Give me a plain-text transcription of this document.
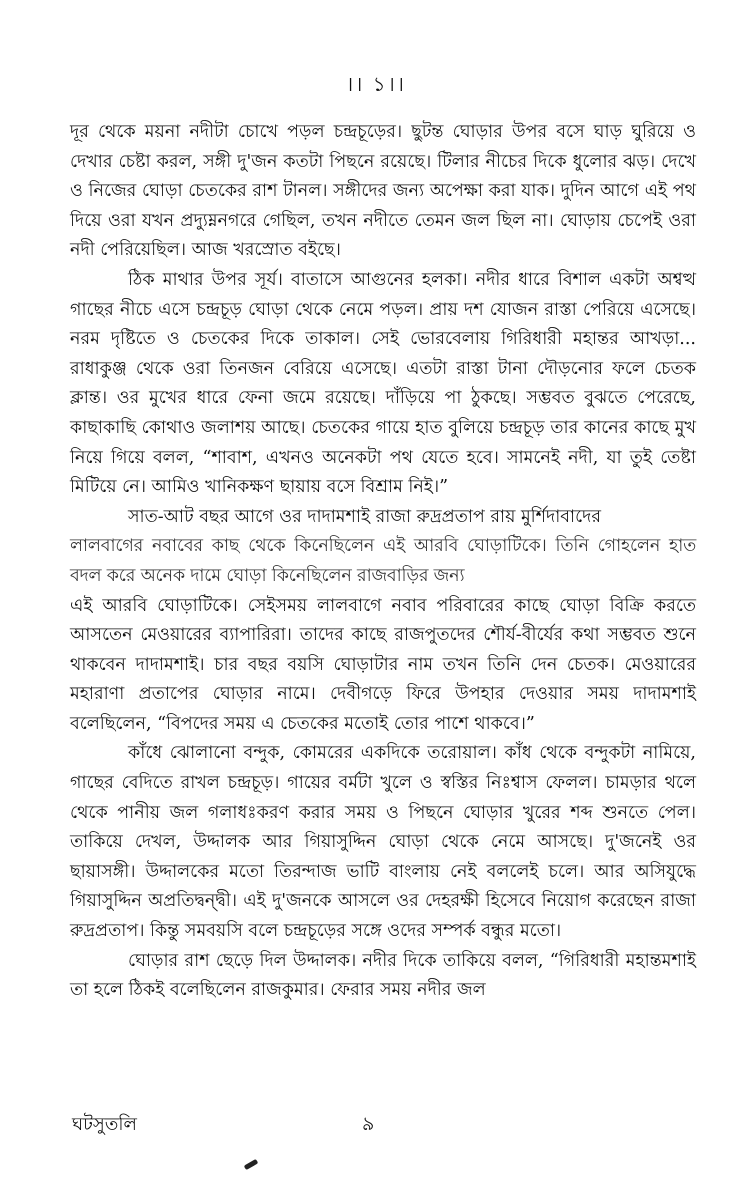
।। ১।।

দূর থেকে ময়না নদীটা চোখে পড়ল চন্দ্রচূড়ের। ছুটন্ত ঘোড়ার উপর বসে ঘাড় ঘুরিয়ে ও দেখার চেষ্টা করল, সঙ্গী দু'জন কতটা পিছনে রয়েছে। টিলার নীচের দিকে ধুলোর ঝড়। দেখে ও নিজের ঘোড়া চেতকের রাশ টানল। সঙ্গীদের জন্য অপেক্ষা করা যাক। দুদিন আগে এই পথ দিয়ে ওরা যখন প্রদ্যুম্ননগরে গেছিল, তখন নদীতে তেমন জল ছিল না। ঘোড়ায় চেপেই ওরা নদী পেরিয়েছিল। আজ খরস্রোত বইছে।

ঠিক মাথার উপর সূর্য। বাতাসে আগুনের হলকা। নদীর ধারে বিশাল একটা অশ্বত্থ গাছের নীচে এসে চন্দ্রচূড় ঘোড়া থেকে নেমে পড়ল। প্রায় দশ যোজন রাস্তা পেরিয়ে এসেছে। নরম দৃষ্টিতে ও চেতকের দিকে তাকাল। সেই ভোরবেলায় গিরিধারী মহান্তর আখড়া... রাধাকুঞ্জ থেকে ওরা তিনজন বেরিয়ে এসেছে। এতটা রাস্তা টানা দৌড়নোর ফলে চেতক ক্লান্ত। ওর মুখের ধারে ফেনা জমে রয়েছে। দাঁড়িয়ে পা ঠুকছে। সম্ভবত বুঝতে পেরেছে, কাছাকাছি কোথাও জলাশয় আছে। চেতকের গায়ে হাত বুলিয়ে চন্দ্রচূড় তার কানের কাছে মুখ নিয়ে গিয়ে বলল, “শাবাশ, এখনও অনেকটা পথ যেতে হবে। সামনেই নদী, যা তুই তেষ্টা মিটিয়ে নে। আমিও খানিকক্ষণ ছায়ায় বসে বিশ্রাম নিই।”

সাত-আট বছর আগে ওর দাদামশাই রাজা রুদ্রপ্রতাপ রায় মুর্শিদাবাদের

লালবাগের নবাবের কাছ থেকে কিনেছিলেন এই আরবি ঘোড়াটিকে। তিনি গোহলেন হাত বদল করে অনেক দামে ঘোড়া কিনেছিলেন রাজবাড়ির জন্য

এই আরবি ঘোড়াটিকে। সেইসময় লালবাগে নবাব পরিবারের কাছে ঘোড়া বিক্রি করতে আসতেন মেওয়ারের ব্যাপারিরা। তাদের কাছে রাজপুতদের শৌর্য-বীর্যের কথা সম্ভবত শুনে থাকবেন দাদামশাই। চার বছর বয়সি ঘোড়াটার নাম তখন তিনি দেন চেতক। মেওয়ারের মহারাণা প্রতাপের ঘোড়ার নামে। দেবীগড়ে ফিরে উপহার দেওয়ার সময় দাদামশাই বলেছিলেন, “বিপদের সময় এ চেতকের মতোই তোর পাশে থাকবে।”

কাঁধে ঝোলানো বন্দুক, কোমরের একদিকে তরোয়াল। কাঁধ থেকে বন্দুকটা নামিয়ে, গাছের বেদিতে রাখল চন্দ্রচূড়। গায়ের বর্মটা খুলে ও স্বস্তির নিঃশ্বাস ফেলল। চামড়ার থলে থেকে পানীয় জল গলাধঃকরণ করার সময় ও পিছনে ঘোড়ার খুরের শব্দ শুনতে পেল। তাকিয়ে দেখল, উদ্দালক আর গিয়াসুদ্দিন ঘোড়া থেকে নেমে আসছে। দু'জনেই ওর ছায়াসঙ্গী। উদ্দালকের মতো তিরন্দাজ ভাটি বাংলায় নেই বললেই চলে। আর অসিযুদ্ধে গিয়াসুদ্দিন অপ্রতিদ্বন্দ্বী। এই দু'জনকে আসলে ওর দেহরক্ষী হিসেবে নিয়োগ করেছেন রাজা রুদ্রপ্রতাপ। কিন্তু সমবয়সি বলে চন্দ্রচূড়ের সঙ্গে ওদের সম্পর্ক বন্ধুর মতো।

ঘোড়ার রাশ ছেড়ে দিল উদ্দালক। নদীর দিকে তাকিয়ে বলল, “গিরিধারী মহান্তমশাই তা হলে ঠিকই বলেছিলেন রাজকুমার। ফেরার সময় নদীর জল

ঘটসুতলি	৯
